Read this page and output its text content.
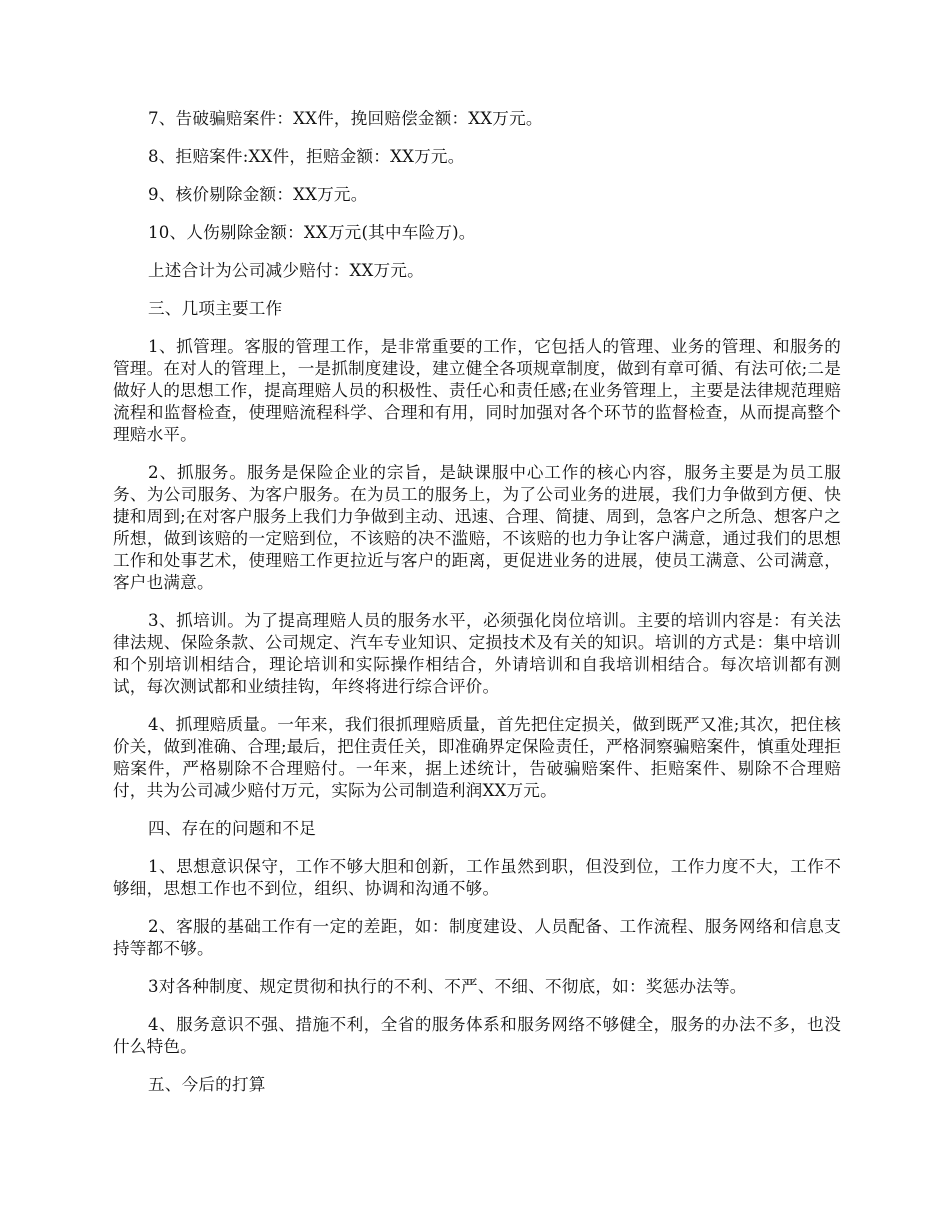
7、告破骗赔案件：XX件，挽回赔偿金额：XX万元。

8、拒赔案件:XX件，拒赔金额：XX万元。

9、核价剔除金额：XX万元。

10、人伤剔除金额：XX万元(其中车险万)。

上述合计为公司减少赔付：XX万元。

三、几项主要工作

1、抓管理。客服的管理工作，是非常重要的工作，它包括人的管理、业务的管理、和服务的管理。在对人的管理上，一是抓制度建设，建立健全各项规章制度，做到有章可循、有法可依;二是做好人的思想工作，提高理赔人员的积极性、责任心和责任感;在业务管理上，主要是法律规范理赔流程和监督检查，使理赔流程科学、合理和有用，同时加强对各个环节的监督检查，从而提高整个理赔水平。

2、抓服务。服务是保险企业的宗旨，是缺课服中心工作的核心内容，服务主要是为员工服务、为公司服务、为客户服务。在为员工的服务上，为了公司业务的进展，我们力争做到方便、快捷和周到;在对客户服务上我们力争做到主动、迅速、合理、简捷、周到，急客户之所急、想客户之所想，做到该赔的一定赔到位，不该赔的决不滥赔，不该赔的也力争让客户满意，通过我们的思想工作和处事艺术，使理赔工作更拉近与客户的距离，更促进业务的进展，使员工满意、公司满意，客户也满意。

3、抓培训。为了提高理赔人员的服务水平，必须强化岗位培训。主要的培训内容是：有关法律法规、保险条款、公司规定、汽车专业知识、定损技术及有关的知识。培训的方式是：集中培训和个别培训相结合，理论培训和实际操作相结合，外请培训和自我培训相结合。每次培训都有测试，每次测试都和业绩挂钩，年终将进行综合评价。

4、抓理赔质量。一年来，我们很抓理赔质量，首先把住定损关，做到既严又准;其次，把住核价关，做到准确、合理;最后，把住责任关，即准确界定保险责任，严格洞察骗赔案件，慎重处理拒赔案件，严格剔除不合理赔付。一年来，据上述统计，告破骗赔案件、拒赔案件、剔除不合理赔付，共为公司减少赔付万元，实际为公司制造利润XX万元。

四、存在的问题和不足

1、思想意识保守，工作不够大胆和创新，工作虽然到职，但没到位，工作力度不大，工作不够细，思想工作也不到位，组织、协调和沟通不够。

2、客服的基础工作有一定的差距，如：制度建设、人员配备、工作流程、服务网络和信息支持等都不够。

3对各种制度、规定贯彻和执行的不利、不严、不细、不彻底，如：奖惩办法等。

4、服务意识不强、措施不利，全省的服务体系和服务网络不够健全，服务的办法不多，也没什么特色。

五、今后的打算
